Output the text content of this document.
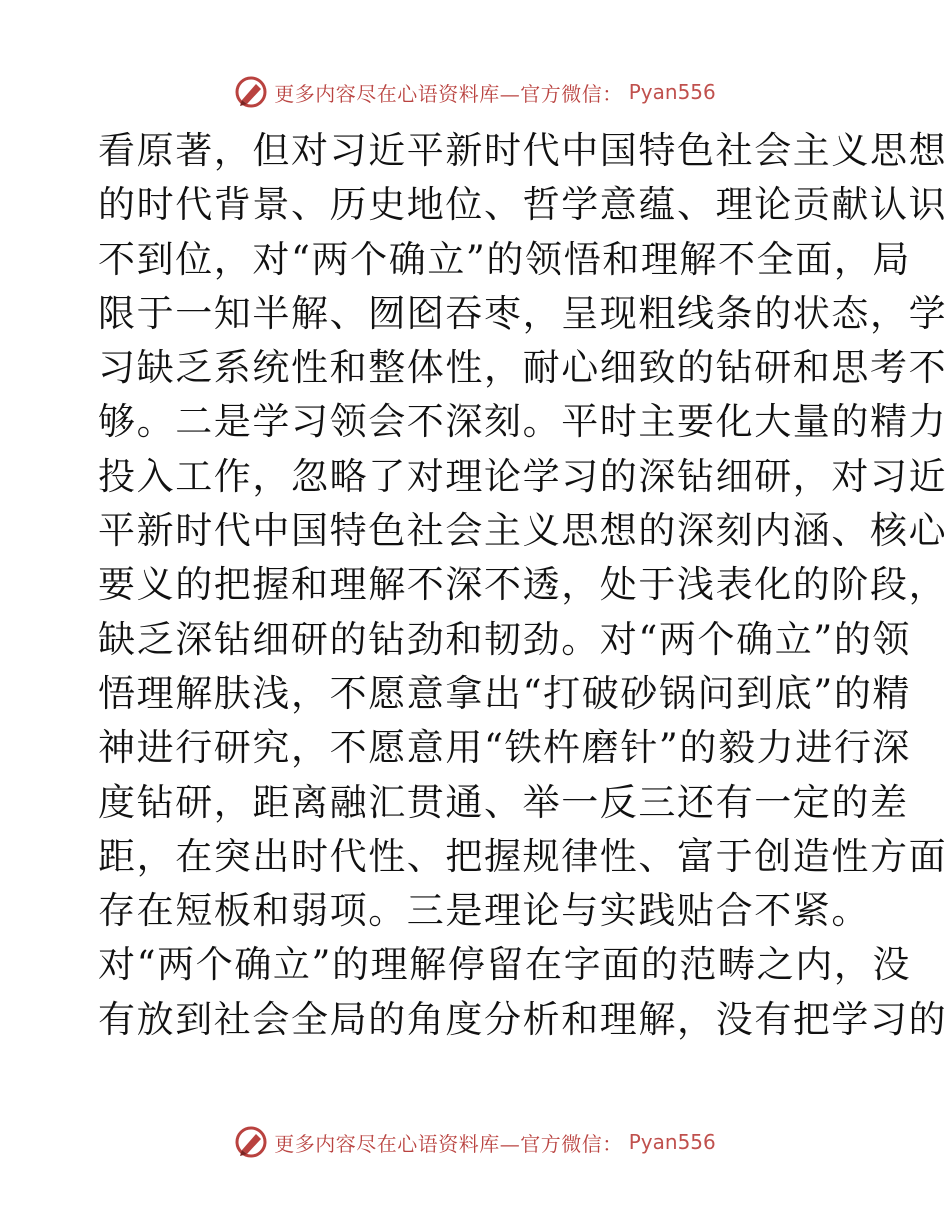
更多内容尽在心语资料库—官方微信： Pyan556
看原著，但对习近平新时代中国特色社会主义思想
的时代背景、历史地位、哲学意蕴、理论贡献认识
不到位，对“两个确立”的领悟和理解不全面，局
限于一知半解、囫囵吞枣，呈现粗线条的状态，学
习缺乏系统性和整体性，耐心细致的钻研和思考不
够。二是学习领会不深刻。平时主要化大量的精力
投入工作，忽略了对理论学习的深钻细研，对习近
平新时代中国特色社会主义思想的深刻内涵、核心
要义的把握和理解不深不透，处于浅表化的阶段，
缺乏深钻细研的钻劲和韧劲。对“两个确立”的领
悟理解肤浅，不愿意拿出“打破砂锅问到底”的精
神进行研究，不愿意用“铁杵磨针”的毅力进行深
度钻研，距离融汇贯通、举一反三还有一定的差
距，在突出时代性、把握规律性、富于创造性方面
存在短板和弱项。三是理论与实践贴合不紧。
对“两个确立”的理解停留在字面的范畴之内，没
有放到社会全局的角度分析和理解，没有把学习的
更多内容尽在心语资料库—官方微信： Pyan556
